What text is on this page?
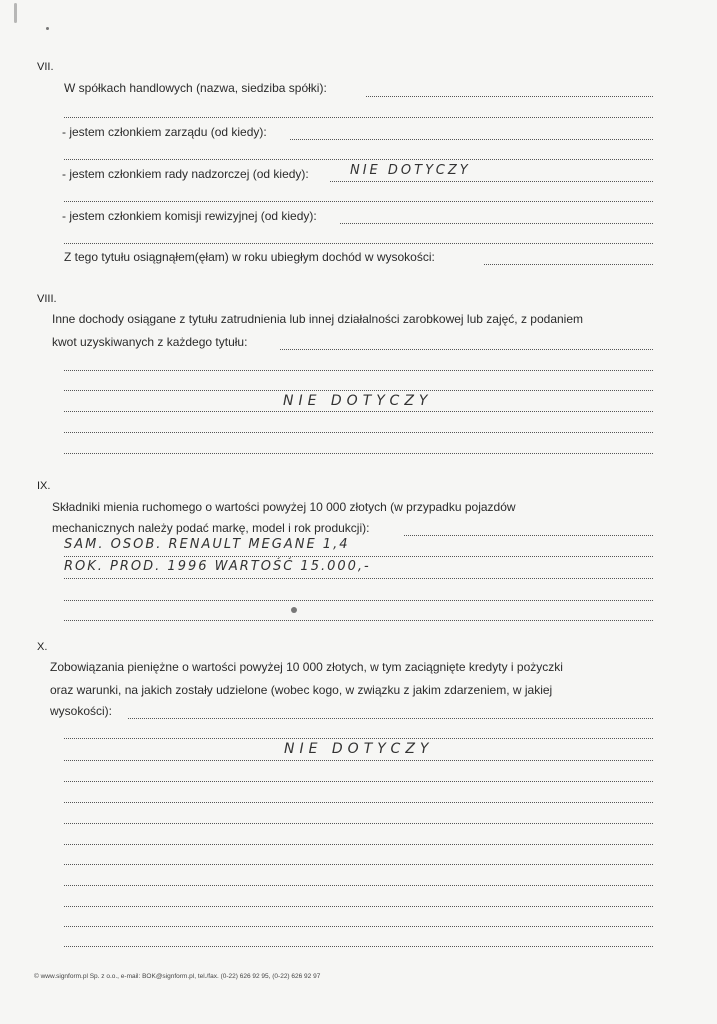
VII.
W spółkach handlowych (nazwa, siedziba spółki):
- jestem członkiem zarządu (od kiedy):
- jestem członkiem rady nadzorczej (od kiedy):	NIE DOTYCZY
- jestem członkiem komisji rewizyjnej (od kiedy):
Z tego tytułu osiągnąłem(ęłam) w roku ubiegłym dochód w wysokości:
VIII.
Inne dochody osiągane z tytułu zatrudnienia lub innej działalności zarobkowej lub zajęć, z podaniem
kwot uzyskiwanych z każdego tytułu:
NIE DOTYCZY
IX.
Składniki mienia ruchomego o wartości powyżej 10 000 złotych (w przypadku pojazdów
mechanicznych należy podać markę, model i rok produkcji):
SAM. OSOB. RENAULT MEGANE 1,4
ROK. PROD. 1996 WARTOŚĆ 15.000,-
X.
Zobowiązania pieniężne o wartości powyżej 10 000 złotych, w tym zaciągnięte kredyty i pożyczki
oraz warunki, na jakich zostały udzielone (wobec kogo, w związku z jakim zdarzeniem, w jakiej
wysokości):
NIE DOTYCZY
© www.signform.pl Sp. z o.o., e-mail: BOK@signform.pl, tel./fax. (0-22) 626 92 95, (0-22) 626 92 97
